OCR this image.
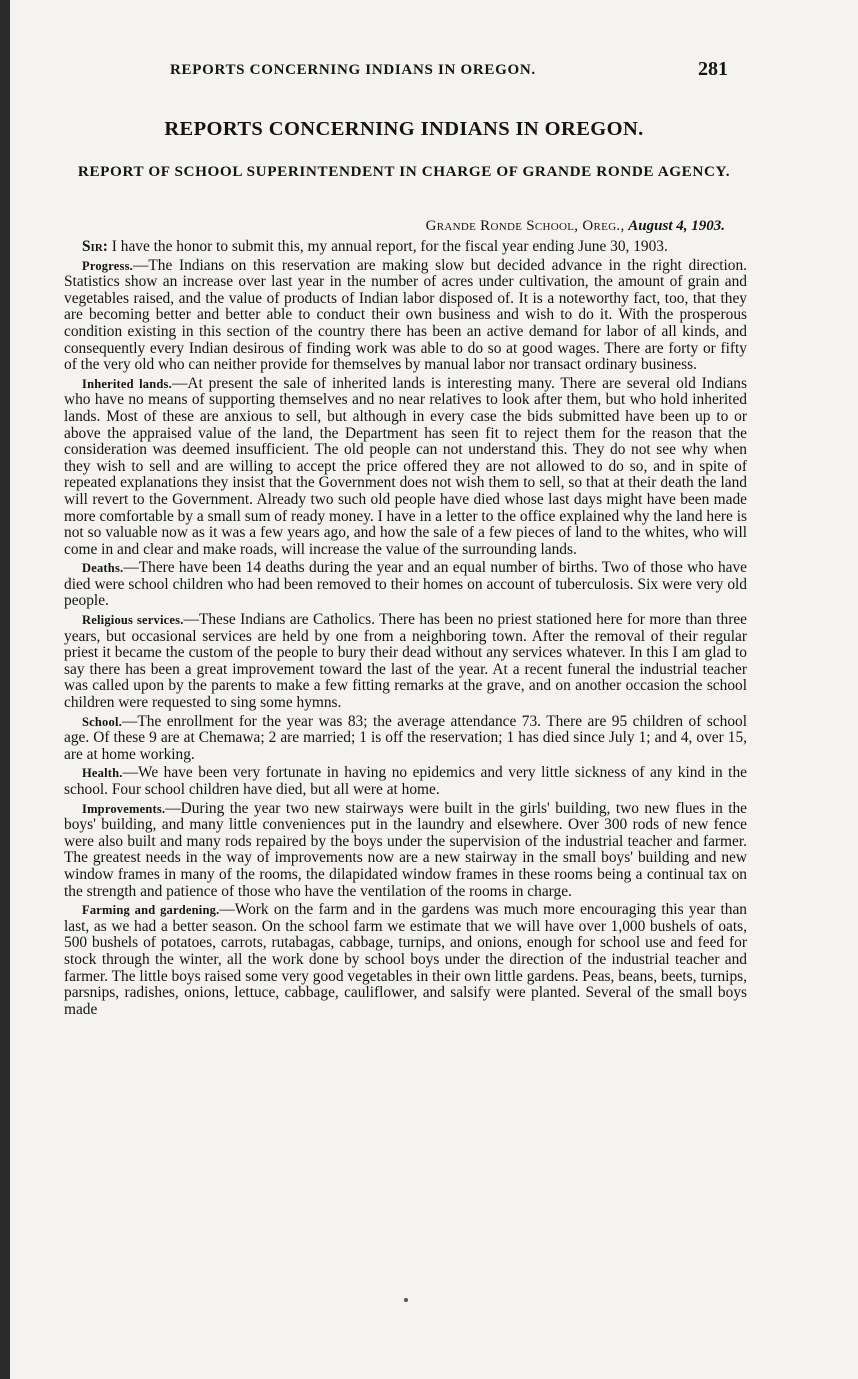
REPORTS CONCERNING INDIANS IN OREGON.	281
REPORTS CONCERNING INDIANS IN OREGON.
REPORT OF SCHOOL SUPERINTENDENT IN CHARGE OF GRANDE RONDE AGENCY.
Grande Ronde School, Oreg., August 4, 1903.

Sir: I have the honor to submit this, my annual report, for the fiscal year ending June 30, 1903.

Progress.—The Indians on this reservation are making slow but decided advance in the right direction. Statistics show an increase over last year in the number of acres under cultivation, the amount of grain and vegetables raised, and the value of products of Indian labor disposed of. It is a noteworthy fact, too, that they are becoming better and better able to conduct their own business and wish to do it. With the prosperous condition existing in this section of the country there has been an active demand for labor of all kinds, and consequently every Indian desirous of finding work was able to do so at good wages. There are forty or fifty of the very old who can neither provide for themselves by manual labor nor transact ordinary business.

Inherited lands.—At present the sale of inherited lands is interesting many. There are several old Indians who have no means of supporting themselves and no near relatives to look after them, but who hold inherited lands. Most of these are anxious to sell, but although in every case the bids submitted have been up to or above the appraised value of the land, the Department has seen fit to reject them for the reason that the consideration was deemed insufficient. The old people can not understand this. They do not see why when they wish to sell and are willing to accept the price offered they are not allowed to do so, and in spite of repeated explanations they insist that the Government does not wish them to sell, so that at their death the land will revert to the Government. Already two such old people have died whose last days might have been made more comfortable by a small sum of ready money. I have in a letter to the office explained why the land here is not so valuable now as it was a few years ago, and how the sale of a few pieces of land to the whites, who will come in and clear and make roads, will increase the value of the surrounding lands.

Deaths.—There have been 14 deaths during the year and an equal number of births. Two of those who have died were school children who had been removed to their homes on account of tuberculosis. Six were very old people.

Religious services.—These Indians are Catholics. There has been no priest stationed here for more than three years, but occasional services are held by one from a neighboring town. After the removal of their regular priest it became the custom of the people to bury their dead without any services whatever. In this I am glad to say there has been a great improvement toward the last of the year. At a recent funeral the industrial teacher was called upon by the parents to make a few fitting remarks at the grave, and on another occasion the school children were requested to sing some hymns.

School.—The enrollment for the year was 83; the average attendance 73. There are 95 children of school age. Of these 9 are at Chemawa; 2 are married; 1 is off the reservation; 1 has died since July 1; and 4, over 15, are at home working.

Health.—We have been very fortunate in having no epidemics and very little sickness of any kind in the school. Four school children have died, but all were at home.

Improvements.—During the year two new stairways were built in the girls' building, two new flues in the boys' building, and many little conveniences put in the laundry and elsewhere. Over 300 rods of new fence were also built and many rods repaired by the boys under the supervision of the industrial teacher and farmer. The greatest needs in the way of improvements now are a new stairway in the small boys' building and new window frames in many of the rooms, the dilapidated window frames in these rooms being a continual tax on the strength and patience of those who have the ventilation of the rooms in charge.

Farming and gardening.—Work on the farm and in the gardens was much more encouraging this year than last, as we had a better season. On the school farm we estimate that we will have over 1,000 bushels of oats, 500 bushels of potatoes, carrots, rutabagas, cabbage, turnips, and onions, enough for school use and feed for stock through the winter, all the work done by school boys under the direction of the industrial teacher and farmer. The little boys raised some very good vegetables in their own little gardens. Peas, beans, beets, turnips, parsnips, radishes, onions, lettuce, cabbage, cauliflower, and salsify were planted. Several of the small boys made
